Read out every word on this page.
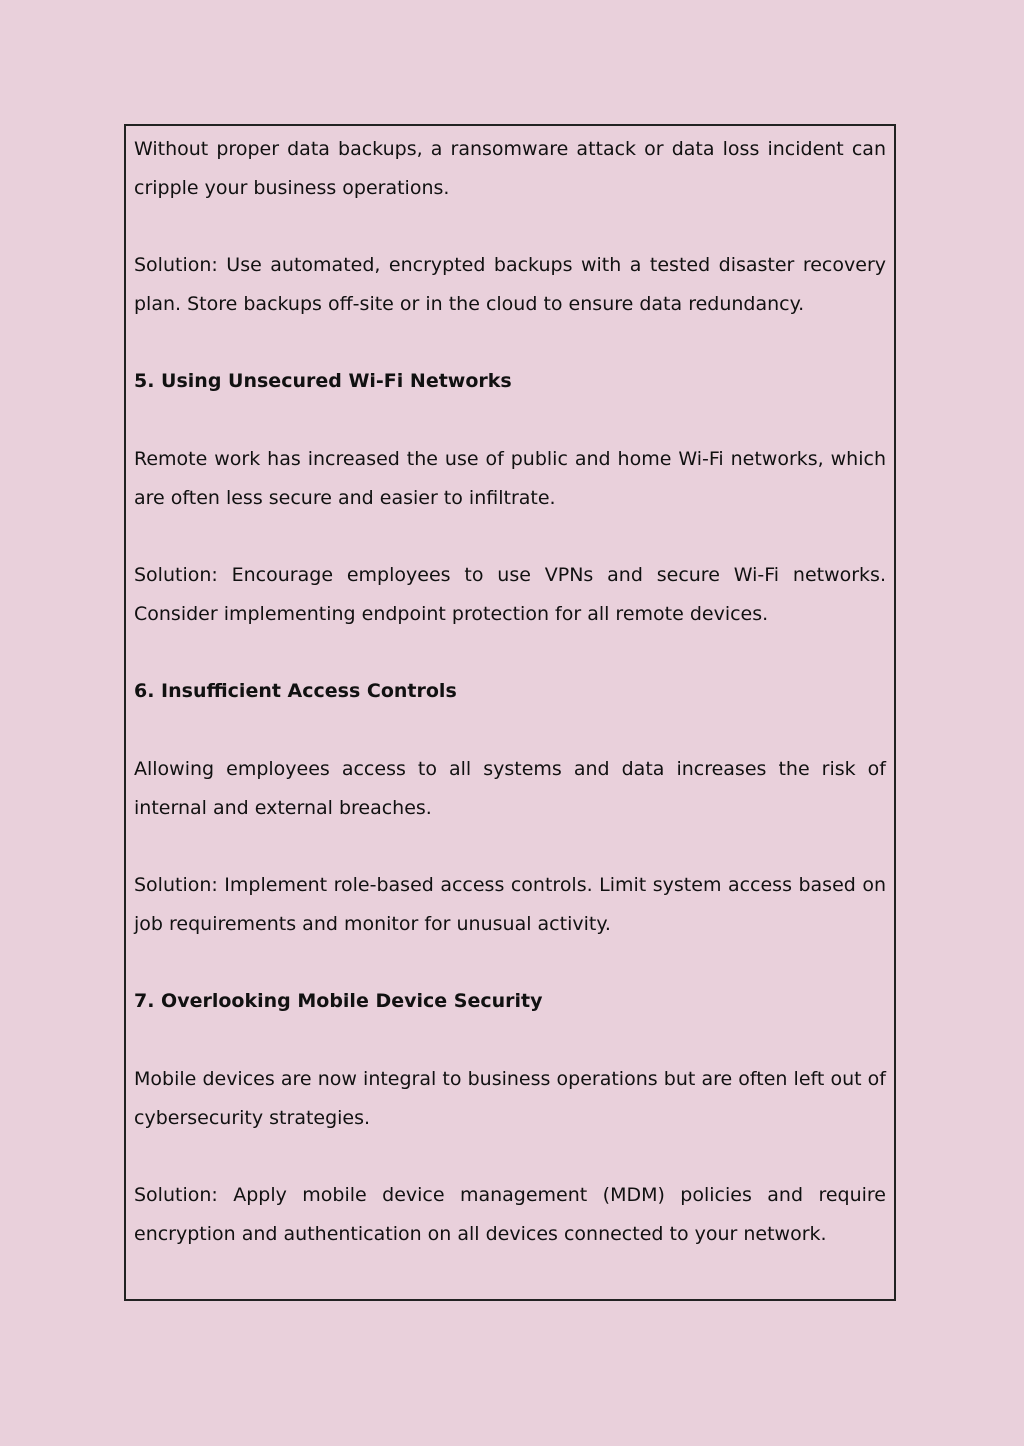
Without proper data backups, a ransomware attack or data loss incident can cripple your business operations.

Solution: Use automated, encrypted backups with a tested disaster recovery plan. Store backups off-site or in the cloud to ensure data redundancy.

5. Using Unsecured Wi-Fi Networks

Remote work has increased the use of public and home Wi-Fi networks, which are often less secure and easier to infiltrate.

Solution: Encourage employees to use VPNs and secure Wi-Fi networks. Consider implementing endpoint protection for all remote devices.

6. Insufficient Access Controls

Allowing employees access to all systems and data increases the risk of internal and external breaches.

Solution: Implement role-based access controls. Limit system access based on job requirements and monitor for unusual activity.

7. Overlooking Mobile Device Security

Mobile devices are now integral to business operations but are often left out of cybersecurity strategies.

Solution: Apply mobile device management (MDM) policies and require encryption and authentication on all devices connected to your network.
